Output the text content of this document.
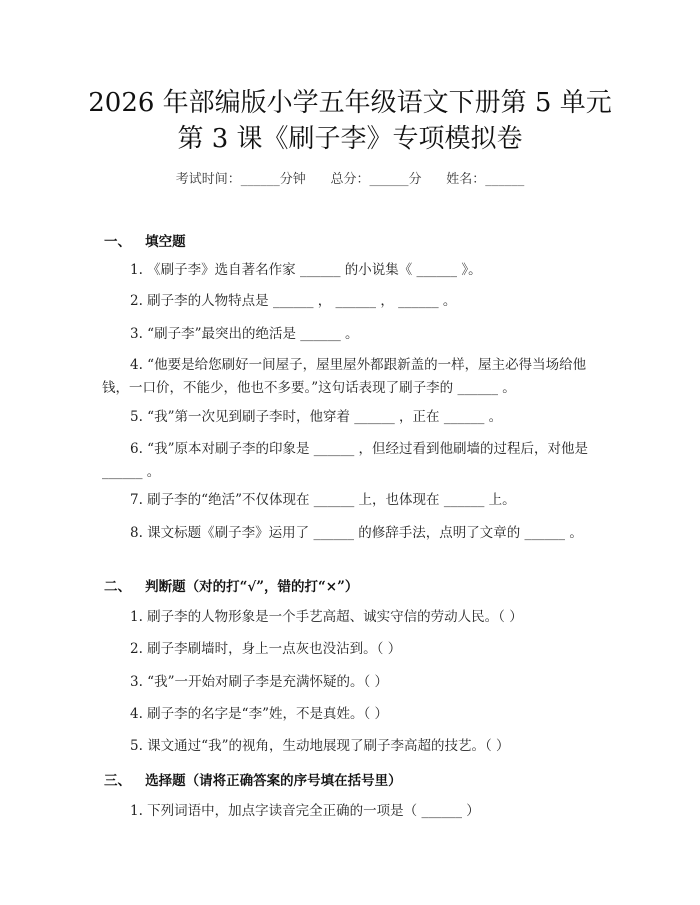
2026 年部编版小学五年级语文下册第 5 单元
第 3 课《刷子李》专项模拟卷
考试时间：______分钟      总分：______分      姓名：______
一、   填空题
1. 《刷子李》选自著名作家 ______ 的小说集《 ______ 》。
2. 刷子李的人物特点是 ______ ， ______ ， ______ 。
3. “刷子李”最突出的绝活是 ______ 。
4. “他要是给您刷好一间屋子，屋里屋外都跟新盖的一样，屋主必得当场给他钱，一口价，不能少，他也不多要。”这句话表现了刷子李的 ______ 。
5. “我”第一次见到刷子李时，他穿着 ______ ，正在 ______ 。
6. “我”原本对刷子李的印象是 ______ ，但经过看到他刷墙的过程后，对他是 ______ 。
7. 刷子李的“绝活”不仅体现在 ______ 上，也体现在 ______ 上。
8. 课文标题《刷子李》运用了 ______ 的修辞手法，点明了文章的 ______ 。
二、   判断题（对的打“√”，错的打“×”）
1. 刷子李的人物形象是一个手艺高超、诚实守信的劳动人民。（ ）
2. 刷子李刷墙时，身上一点灰也没沾到。（ ）
3. “我”一开始对刷子李是充满怀疑的。（ ）
4. 刷子李的名字是“李”姓，不是真姓。（ ）
5. 课文通过“我”的视角，生动地展现了刷子李高超的技艺。（ ）
三、   选择题（请将正确答案的序号填在括号里）
1. 下列词语中，加点字读音完全正确的一项是（ ______ ）
